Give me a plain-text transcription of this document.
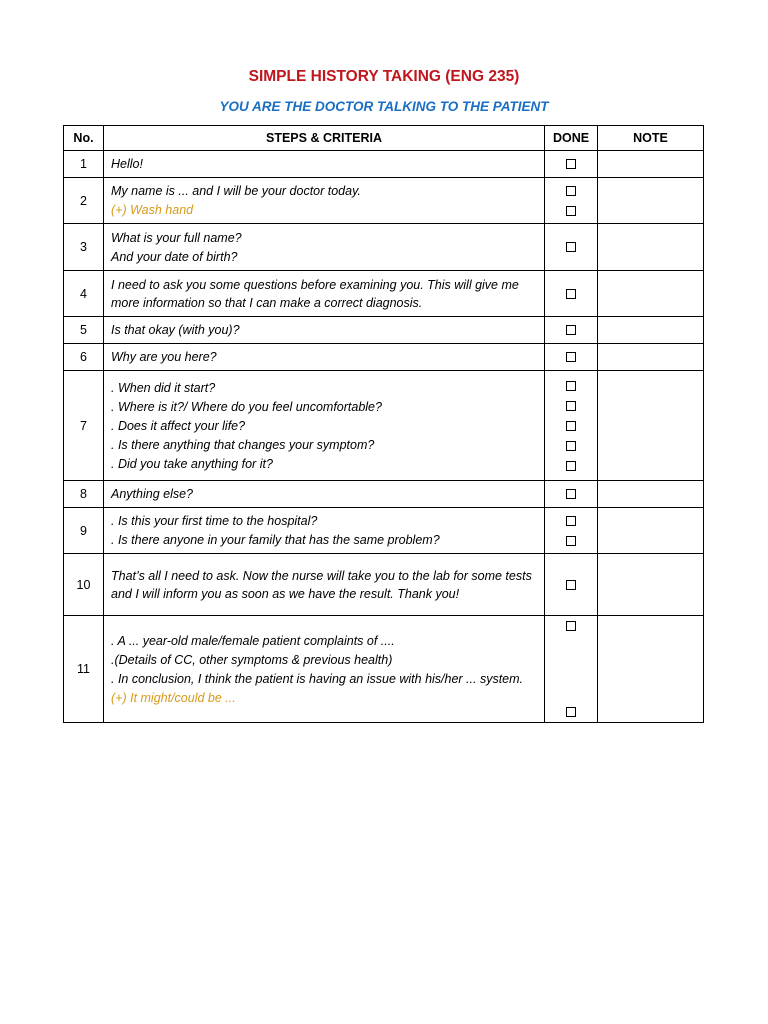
SIMPLE HISTORY TAKING (ENG 235)
YOU ARE THE DOCTOR TALKING TO THE PATIENT
No.	STEPS & CRITERIA	DONE	NOTE
1	Hello!		

2	My name is ... and I will be your doctor today.
(+) Wash hand		

3	What is your full name?
And your date of birth?		

4	I need to ask you some questions before examining you. This will give me more information so that I can make a correct diagnosis.		

5	Is that okay (with you)?		

6	Why are you here?		

7	. When did it start?
. Where is it?/ Where do you feel uncomfortable?
. Does it affect your life?
. Is there anything that changes your symptom?
. Did you take anything for it?		

8	Anything else?		

9	. Is this your first time to the hospital?
. Is there anyone in your family that has the same problem?		

10	That’s all I need to ask. Now the nurse will take you to the lab for some tests and I will inform you as soon as we have the result. Thank you!		

11	. A ... year-old male/female patient complaints of ....
.(Details of CC, other symptoms & previous health)
. In conclusion, I think the patient is having an issue with his/her ... system.
(+) It might/could be ...		
